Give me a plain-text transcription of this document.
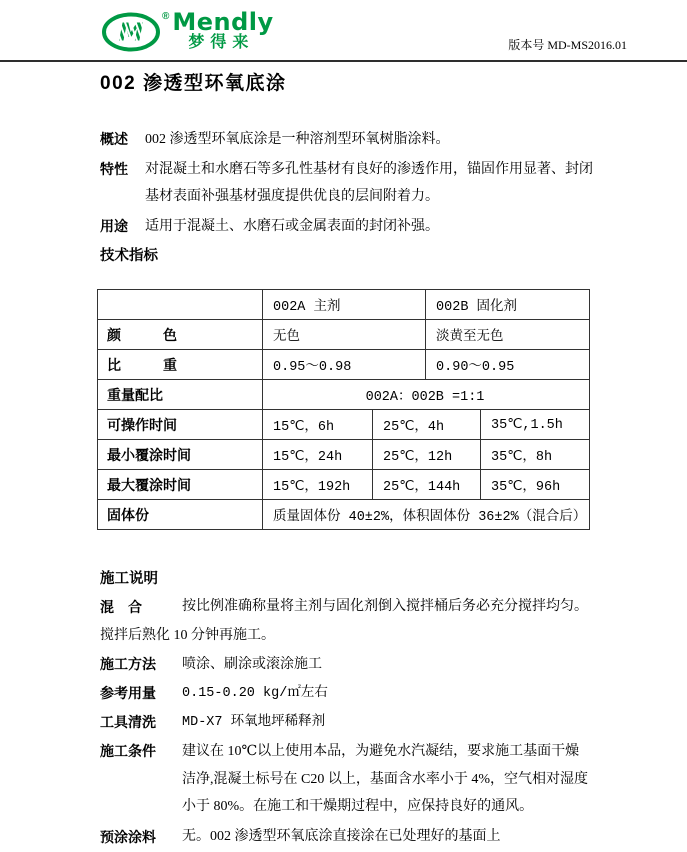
M
® Mendly
梦得来	版本号 MD-MS2016.01
002 渗透型环氧底涂
概述	002 渗透型环氧底涂是一种溶剂型环氧树脂涂料。
特性	对混凝土和水磨石等多孔性基材有良好的渗透作用，锚固作用显著、封闭
基材表面补强基材强度提供优良的层间附着力。
用途	适用于混凝土、水磨石或金属表面的封闭补强。
技术指标
	002A 主剂		002B 固化剂	
颜　　　色	无色		淡黄至无色	
比　　　重	0.95～0.98		0.90～0.95	
重量配比	002A：002B =1:1			
可操作时间	15℃，6h	25℃，4h		35℃,1.5h
最小覆涂时间	15℃，24h	25℃，12h		35℃，8h
最大覆涂时间	15℃，192h	25℃，144h		35℃，96h
固体份	质量固体份 40±2%，体积固体份 36±2%（混合后）			
施工说明
混　合	按比例准确称量将主剂与固化剂倒入搅拌桶后务必充分搅拌均匀。
搅拌后熟化 10 分钟再施工。
施工方法	喷涂、刷涂或滚涂施工
参考用量	0.15-0.20 kg/㎡左右
工具清洗	MD-X7 环氧地坪稀释剂
施工条件	建议在 10℃以上使用本品，为避免水汽凝结，要求施工基面干燥
洁净,混凝土标号在 C20 以上，基面含水率小于 4%，空气相对湿度
小于 80%。在施工和干燥期过程中，应保持良好的通风。
预涂涂料	无。002 渗透型环氧底涂直接涂在已处理好的基面上
